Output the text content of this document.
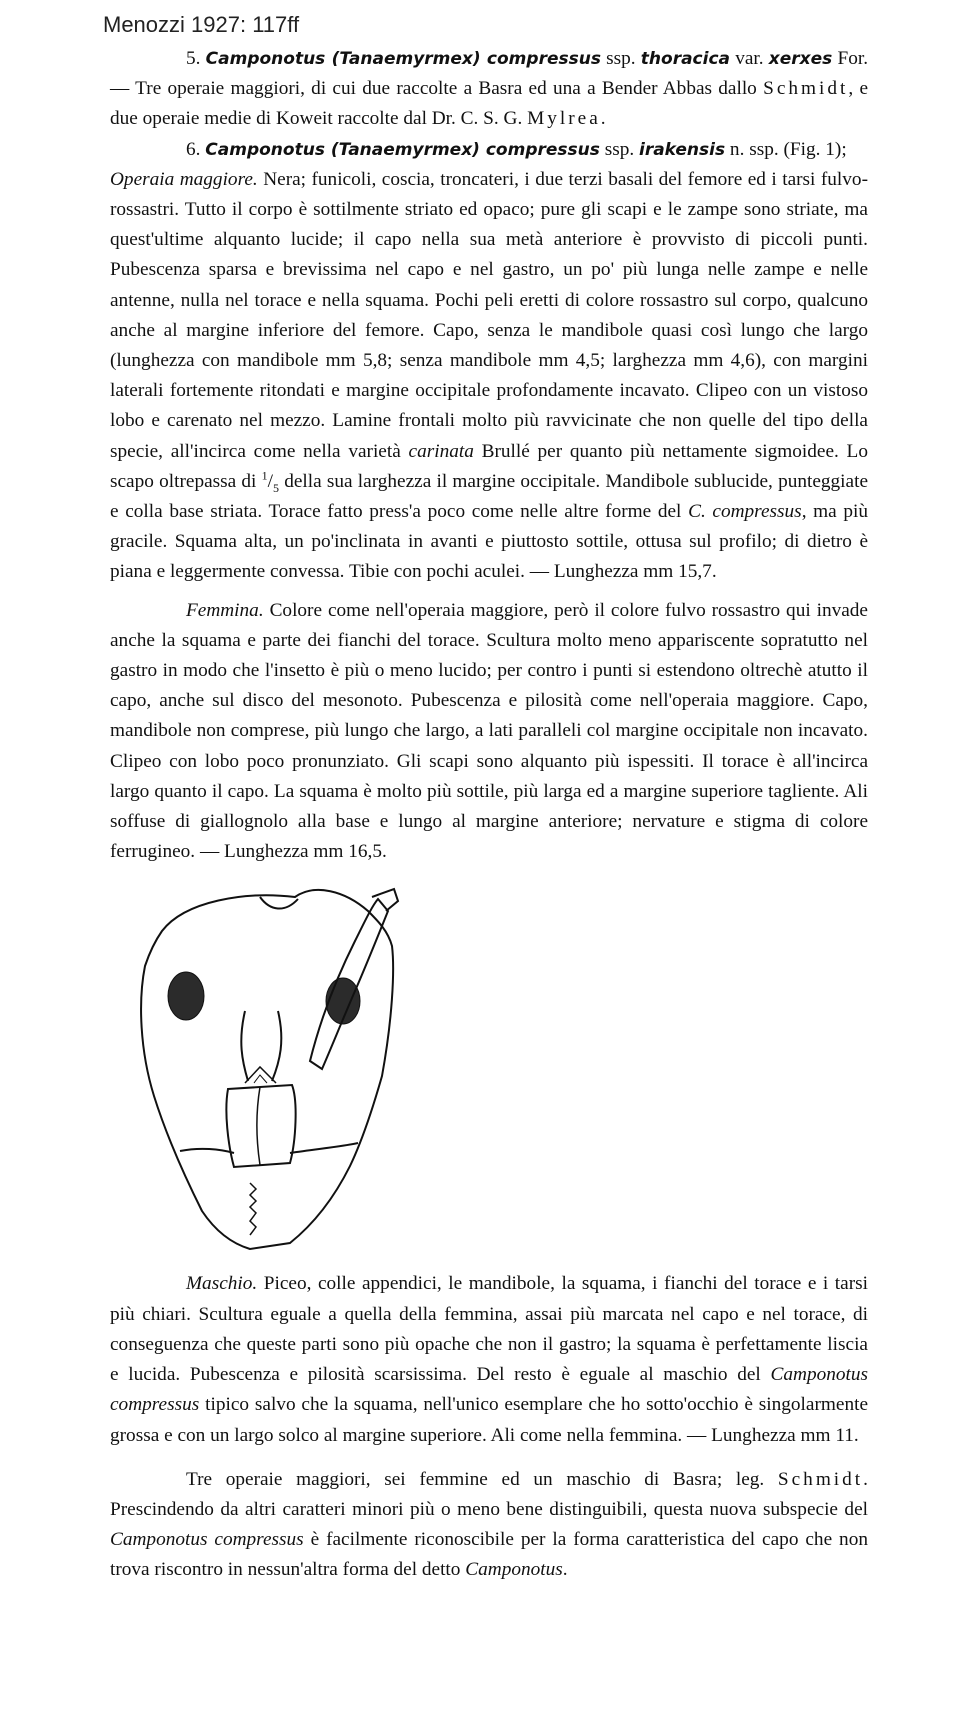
Menozzi 1927: 117ff

5. Camponotus (Tanaemyrmex) compressus ssp. thoracica var. xerxes For. — Tre operaie maggiori, di cui due raccolte a Basra ed una a Bender Abbas dallo Schmidt, e due operaie medie di Koweit raccolte dal Dr. C. S. G. Mylrea.

6. Camponotus (Tanaemyrmex) compressus ssp. irakensis n. ssp. (Fig. 1);

Operaia maggiore. Nera; funicoli, coscia, troncateri, i due terzi basali del femore ed i tarsi fulvo-rossastri. Tutto il corpo è sottilmente striato ed opaco; pure gli scapi e le zampe sono striate, ma quest'ultime alquanto lucide; il capo nella sua metà anteriore è provvisto di piccoli punti. Pubescenza sparsa e brevissima nel capo e nel gastro, un po' più lunga nelle zampe e nelle antenne, nulla nel torace e nella squama. Pochi peli eretti di colore rossastro sul corpo, qualcuno anche al margine inferiore del femore. Capo, senza le mandibole quasi così lungo che largo (lunghezza con mandibole mm 5,8; senza mandibole mm 4,5; larghezza mm 4,6), con margini laterali fortemente ritondati e margine occipitale profondamente incavato. Clipeo con un vistoso lobo e carenato nel mezzo. Lamine frontali molto più ravvicinate che non quelle del tipo della specie, all'incirca come nella varietà carinata Brullé per quanto più nettamente sigmoidee. Lo scapo oltrepassa di $^1/_5$ della sua larghezza il margine occipitale. Mandibole sublucide, punteggiate e colla base striata. Torace fatto press'a poco come nelle altre forme del C. compressus, ma più gracile. Squama alta, un po'inclinata in avanti e piuttosto sottile, ottusa sul profilo; di dietro è piana e leggermente convessa. Tibie con pochi aculei. — Lunghezza mm 15,7.

Femmina. Colore come nell'operaia maggiore, però il colore fulvo rossastro qui invade anche la squama e parte dei fianchi del torace. Scultura molto meno appariscente sopratutto nel gastro in modo che l'insetto è più o meno lucido; per contro i punti si estendono oltrechè atutto il capo, anche sul disco del mesonoto. Pubescenza e pilosità come nell'operaia maggiore. Capo, mandibole non comprese, più lungo che largo, a lati paralleli col margine occipitale non incavato. Clipeo con lobo poco pronunziato. Gli scapi sono alquanto più ispessiti. Il torace è all'incirca largo quanto il capo. La squama è molto più sottile, più larga ed a margine superiore tagliente. Ali soffuse di giallognolo alla base e lungo al margine anteriore; nervature e stigma di colore ferrugineo. — Lunghezza mm 16,5.

Maschio. Piceo, colle appendici, le mandibole, la squama, i fianchi del torace e i tarsi più chiari. Scultura eguale a quella della femmina, assai più marcata nel capo e nel torace, di conseguenza che queste parti sono più opache che non il gastro; la squama è perfettamente liscia e lucida. Pubescenza e pilosità scarsissima. Del resto è eguale al maschio del Camponotus compressus tipico salvo che la squama, nell'unico esemplare che ho sotto'occhio è singolarmente grossa e con un largo solco al margine superiore. Ali come nella femmina. — Lunghezza mm 11.

Tre operaie maggiori, sei femmine ed un maschio di Basra; leg. Schmidt. Prescindendo da altri caratteri minori più o meno bene distinguibili, questa nuova subspecie del Camponotus compressus è facilmente riconoscibile per la forma caratteristica del capo che non trova riscontro in nessun'altra forma del detto Camponotus.
